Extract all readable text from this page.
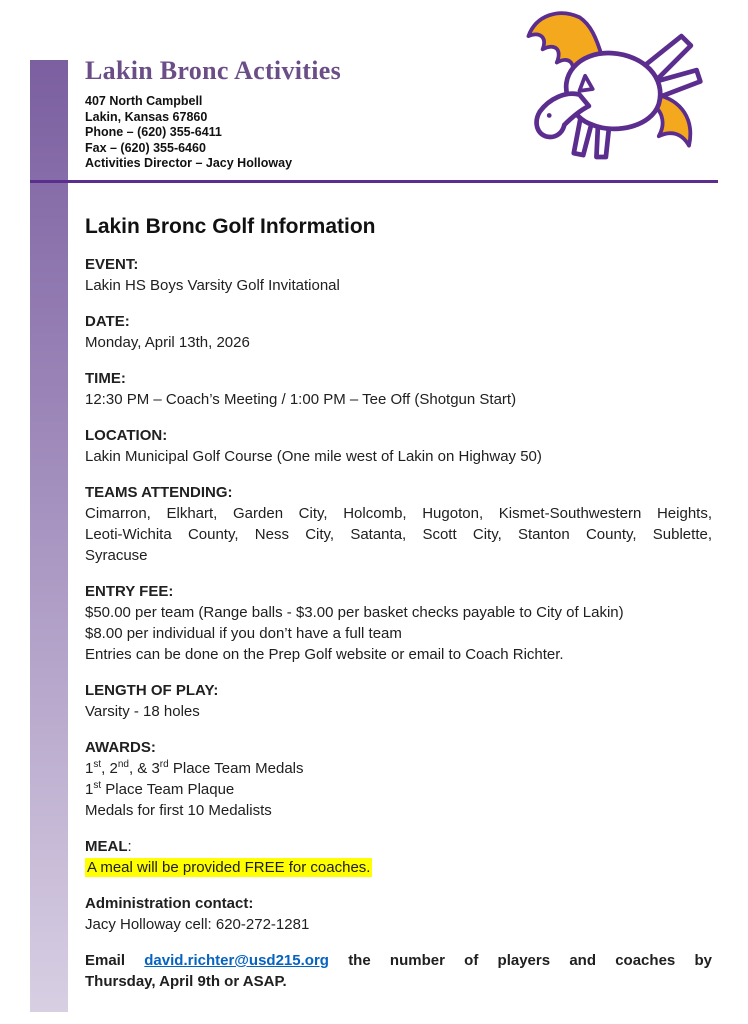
Lakin Bronc Activities
407 North Campbell
Lakin, Kansas 67860
Phone – (620) 355-6411
Fax – (620) 355-6460
Activities Director – Jacy Holloway
Lakin Bronc Golf Information
EVENT:
Lakin HS Boys Varsity Golf Invitational
DATE:
Monday, April 13th, 2026
TIME:
12:30 PM – Coach’s Meeting / 1:00 PM – Tee Off (Shotgun Start)
LOCATION:
Lakin Municipal Golf Course (One mile west of Lakin on Highway 50)
TEAMS ATTENDING:
Cimarron, Elkhart, Garden City, Holcomb, Hugoton, Kismet-Southwestern Heights,
Leoti-Wichita County, Ness City, Satanta, Scott City, Stanton County, Sublette,
Syracuse
ENTRY FEE:
$50.00 per team (Range balls - $3.00 per basket checks payable to City of Lakin)
$8.00 per individual if you don’t have a full team
Entries can be done on the Prep Golf website or email to Coach Richter.
LENGTH OF PLAY:
Varsity - 18 holes
AWARDS:
1st, 2nd, & 3rd Place Team Medals
1st Place Team Plaque
Medals for first 10 Medalists
MEAL:
A meal will be provided FREE for coaches.
Administration contact:
Jacy Holloway cell: 620-272-1281
Email david.richter@usd215.org the number of players and coaches by
Thursday, April 9th or ASAP.
